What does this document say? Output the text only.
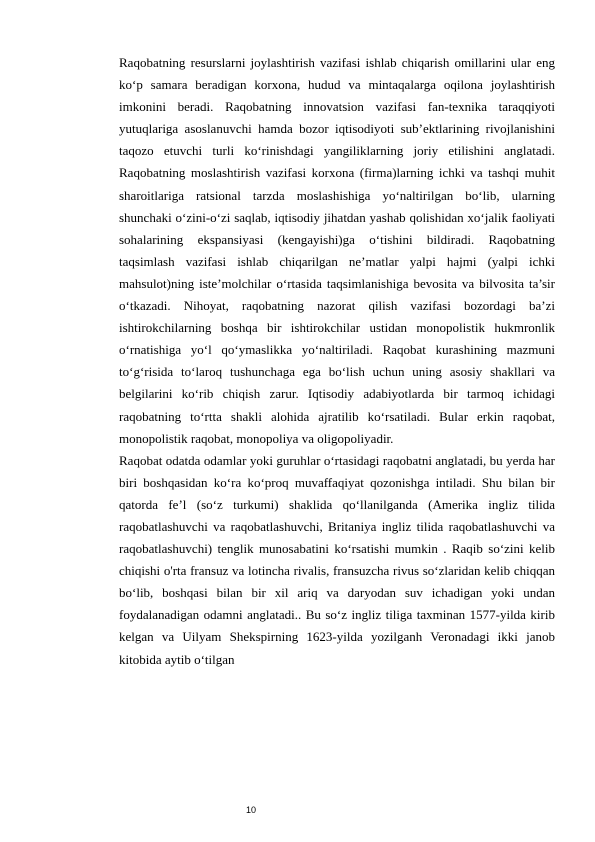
Raqobatning resurslarni joylashtirish vazifasi ishlab chiqarish omillarini ular eng ko‘p samara beradigan korxona, hudud va mintaqalarga oqilona joylashtirish imkonini beradi. Raqobatning innovatsion vazifasi fan-texnika taraqqiyoti yutuqlariga asoslanuvchi hamda bozor iqtisodiyoti sub’ektlarining rivojlanishini taqozo etuvchi turli ko‘rinishdagi yangiliklarning joriy etilishini anglatadi. Raqobatning moslashtirish vazifasi korxona (firma)larning ichki va tashqi muhit sharoitlariga ratsional tarzda moslashishiga yo‘naltirilgan bo‘lib, ularning shunchaki o‘zini-o‘zi saqlab, iqtisodiy jihatdan yashab qolishidan xo‘jalik faoliyati sohalarining ekspansiyasi (kengayishi)ga o‘tishini bildiradi. Raqobatning taqsimlash vazifasi ishlab chiqarilgan ne’matlar yalpi hajmi (yalpi ichki mahsulot)ning iste’molchilar o‘rtasida taqsimlanishiga bevosita va bilvosita ta’sir o‘tkazadi. Nihoyat, raqobatning nazorat qilish vazifasi bozordagi ba’zi ishtirokchilarning boshqa bir ishtirokchilar ustidan monopolistik hukmronlik o‘rnatishiga yo‘l qo‘ymaslikka yo‘naltiriladi. Raqobat kurashining mazmuni to‘g‘risida to‘laroq tushunchaga ega bo‘lish uchun uning asosiy shakllari va belgilarini ko‘rib chiqish zarur. Iqtisodiy adabiyotlarda bir tarmoq ichidagi raqobatning to‘rtta shakli alohida ajratilib ko‘rsatiladi. Bular erkin raqobat, monopolistik raqobat, monopoliya va oligopoliyadir.

Raqobat odatda odamlar yoki guruhlar o‘rtasidagi raqobatni anglatadi, bu yerda har biri boshqasidan ko‘ra ko‘proq muvaffaqiyat qozonishga intiladi. Shu bilan bir qatorda fe’l (so‘z turkumi) shaklida qo‘llanilganda (Amerika ingliz tilida raqobatlashuvchi va raqobatlashuvchi, Britaniya ingliz tilida raqobatlashuvchi va raqobatlashuvchi) tenglik munosabatini ko‘rsatishi mumkin . Raqib so‘zini kelib chiqishi o'rta fransuz va lotincha rivalis, fransuzcha rivus so‘zlaridan kelib chiqqan bo‘lib, boshqasi bilan bir xil ariq va daryodan suv ichadigan yoki undan foydalanadigan odamni anglatadi.. Bu so‘z ingliz tiliga taxminan 1577-yilda kirib kelgan va Uilyam Shekspirning 1623-yilda yozilganh Veronadagi ikki janob kitobida aytib o‘tilgan

10
